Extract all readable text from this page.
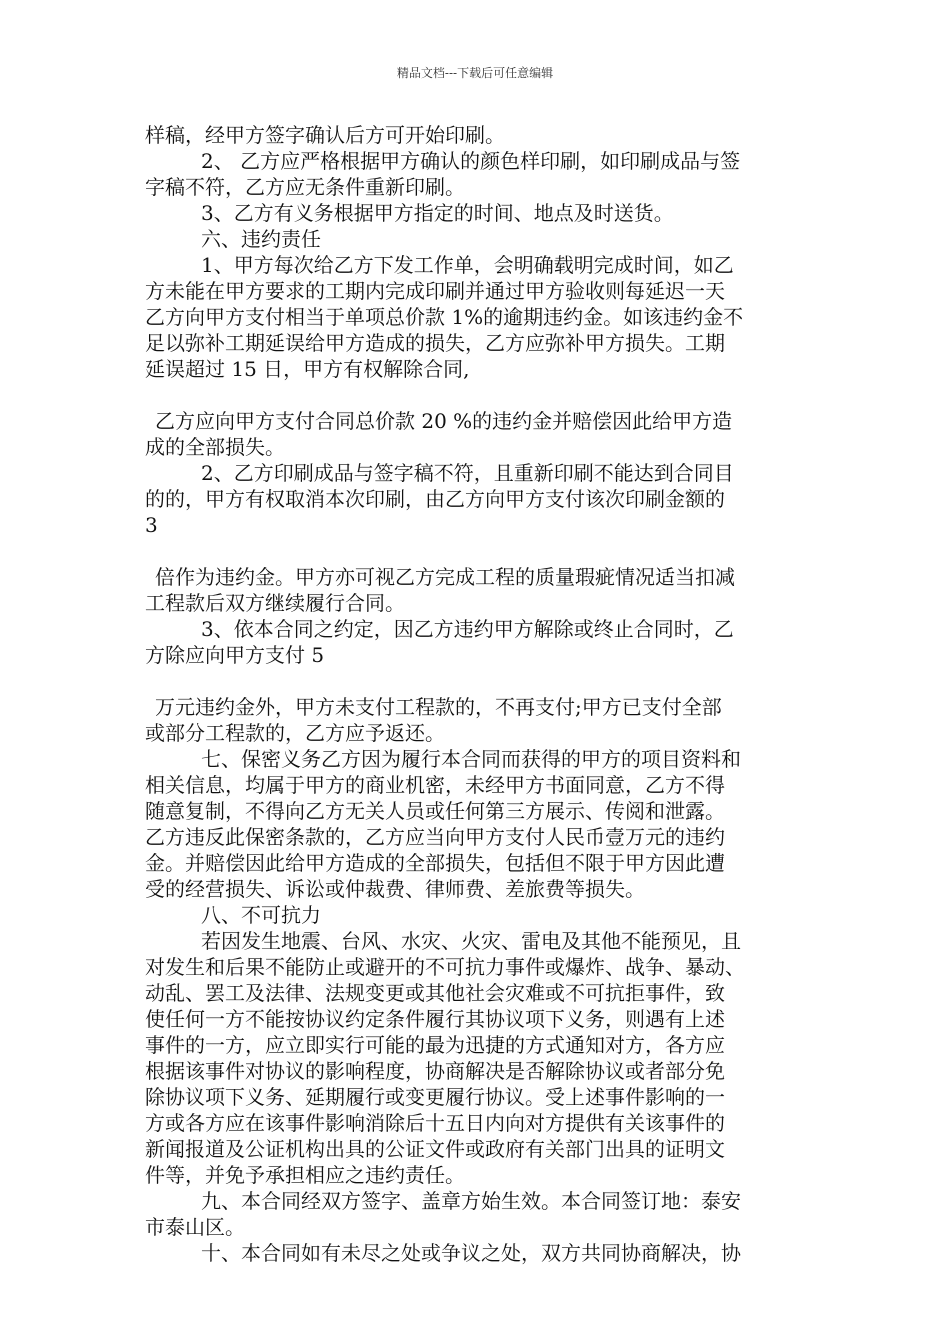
精品文档---下载后可任意编辑
样稿，经甲方签字确认后方可开始印刷。
2、 乙方应严格根据甲方确认的颜色样印刷，如印刷成品与签
字稿不符，乙方应无条件重新印刷。
3、乙方有义务根据甲方指定的时间、地点及时送货。
六、违约责任
1、甲方每次给乙方下发工作单，会明确载明完成时间，如乙
方未能在甲方要求的工期内完成印刷并通过甲方验收则每延迟一天
乙方向甲方支付相当于单项总价款 1%的逾期违约金。如该违约金不
足以弥补工期延误给甲方造成的损失，乙方应弥补甲方损失。工期
延误超过 15 日，甲方有权解除合同,
乙方应向甲方支付合同总价款 20 %的违约金并赔偿因此给甲方造
成的全部损失。
2、乙方印刷成品与签字稿不符，且重新印刷不能达到合同目
的的，甲方有权取消本次印刷，由乙方向甲方支付该次印刷金额的
3
倍作为违约金。甲方亦可视乙方完成工程的质量瑕疵情况适当扣减
工程款后双方继续履行合同。
3、依本合同之约定，因乙方违约甲方解除或终止合同时，乙
方除应向甲方支付 5
万元违约金外，甲方未支付工程款的，不再支付;甲方已支付全部
或部分工程款的，乙方应予返还。
七、保密义务乙方因为履行本合同而获得的甲方的项目资料和
相关信息，均属于甲方的商业机密，未经甲方书面同意，乙方不得
随意复制，不得向乙方无关人员或任何第三方展示、传阅和泄露。
乙方违反此保密条款的，乙方应当向甲方支付人民币壹万元的违约
金。并赔偿因此给甲方造成的全部损失，包括但不限于甲方因此遭
受的经营损失、诉讼或仲裁费、律师费、差旅费等损失。
八、不可抗力
若因发生地震、台风、水灾、火灾、雷电及其他不能预见，且
对发生和后果不能防止或避开的不可抗力事件或爆炸、战争、暴动、
动乱、罢工及法律、法规变更或其他社会灾难或不可抗拒事件，致
使任何一方不能按协议约定条件履行其协议项下义务，则遇有上述
事件的一方，应立即实行可能的最为迅捷的方式通知对方，各方应
根据该事件对协议的影响程度，协商解决是否解除协议或者部分免
除协议项下义务、延期履行或变更履行协议。受上述事件影响的一
方或各方应在该事件影响消除后十五日内向对方提供有关该事件的
新闻报道及公证机构出具的公证文件或政府有关部门出具的证明文
件等，并免予承担相应之违约责任。
九、本合同经双方签字、盖章方始生效。本合同签订地：泰安
市泰山区。
十、本合同如有未尽之处或争议之处，双方共同协商解决，协
